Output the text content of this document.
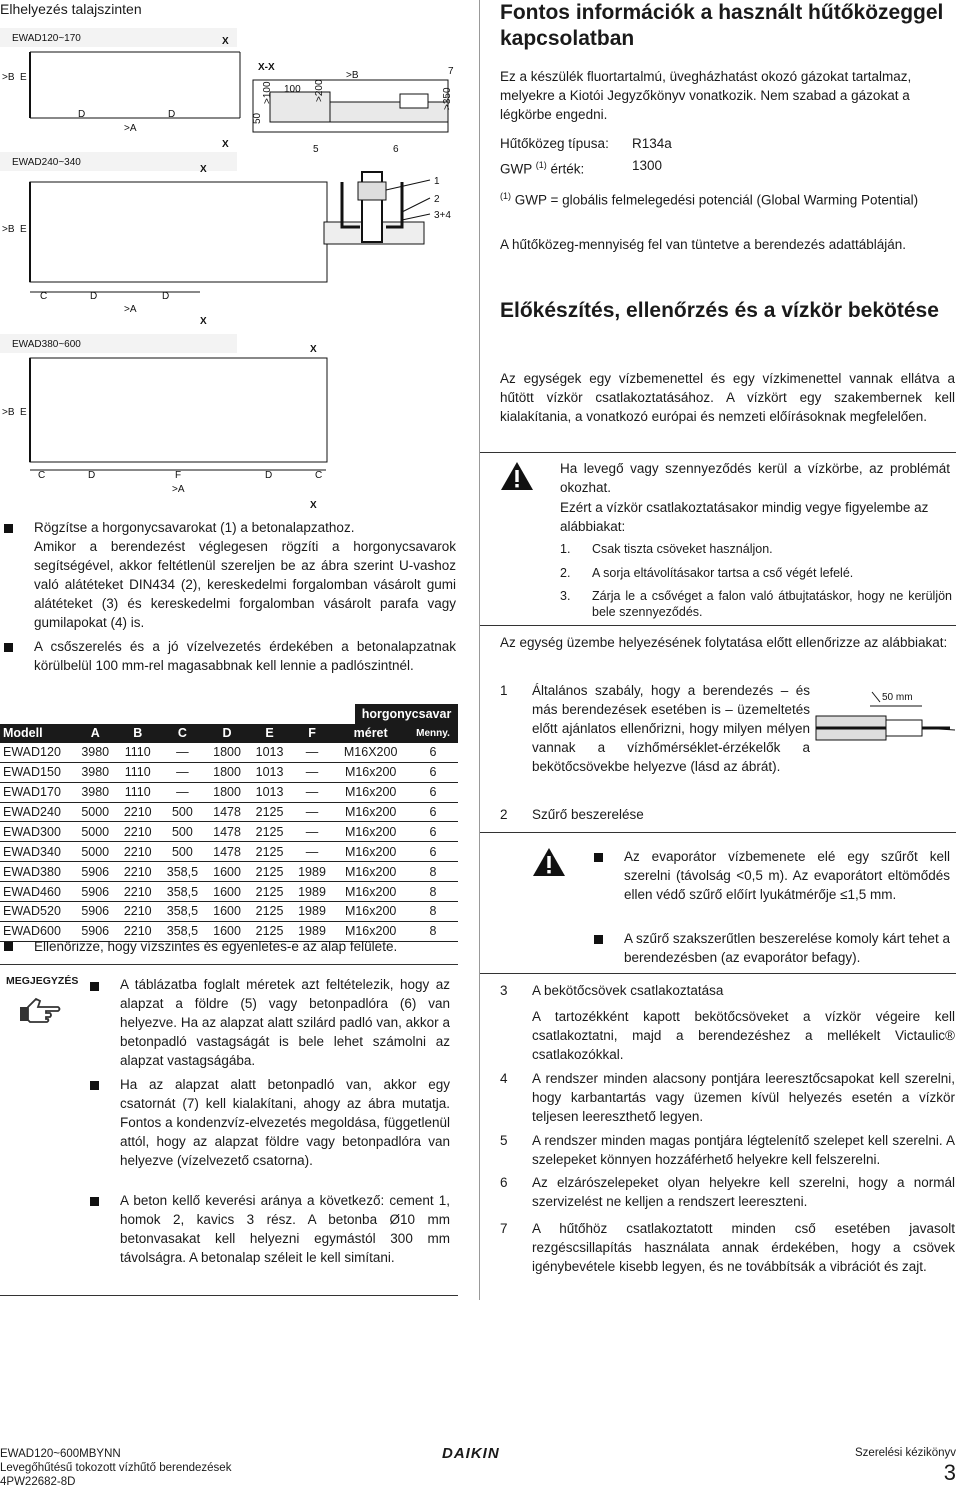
Elhelyezés talajszinten
EWAD120~170
>B E
D
>A
D
X
X
EWAD240~340
X
>B E
C	D
>A
D
X
EWAD380~600	X
>B E
C	D	F
>A
D	C
X
X-X
50
>100 100 >200
>B	7
>350
5	6
1
2
3+4
Rögzítse a horgonycsavarokat (1) a betonalapzathoz.
Amikor a berendezést véglegesen rögzíti a horgonycsavarok segítségével, akkor feltétlenül szereljen be az ábra szerint U-vashoz való alátéteket DIN434 (2), kereskedelmi forgalomban vásárolt gumi alátéteket (3) és kereskedelmi forgalomban vásárolt parafa vagy gumilapokat (4) is.
A csőszerelés és a jó vízelvezetés érdekében a betonalapzatnak körülbelül 100 mm-rel magasabbnak kell lennie a padlószintnél.
horgonycsavar
Modell	A	B	C	D	E	F	méret	Menny.
EWAD120	3980	1110	—	1800	1013	—	M16X200	6
EWAD150	3980	1110	—	1800	1013	—	M16x200	6
EWAD170	3980	1110	—	1800	1013	—	M16x200	6
EWAD240	5000	2210	500	1478	2125	—	M16x200	6
EWAD300	5000	2210	500	1478	2125	—	M16x200	6
EWAD340	5000	2210	500	1478	2125	—	M16x200	6
EWAD380	5906	2210	358,5	1600	2125	1989	M16x200	8
EWAD460	5906	2210	358,5	1600	2125	1989	M16x200	8
EWAD520	5906	2210	358,5	1600	2125	1989	M16x200	8
EWAD600	5906	2210	358,5	1600	2125	1989	M16x200	8
Ellenőrizze, hogy vízszintes és egyenletes-e az alap felülete.
MEGJEGYZÉS	A táblázatba foglalt méretek azt feltételezik, hogy az alapzat a földre (5) vagy betonpadlóra (6) van helyezve. Ha az alapzat alatt szilárd padló van, akkor a betonpadló vastagságát is bele lehet számolni az alapzat vastagságába.
Ha az alapzat alatt betonpadló van, akkor egy csatornát (7) kell kialakítani, ahogy az ábra mutatja. Fontos a kondenzvíz-elvezetés megoldása, függetlenül attól, hogy az alapzat földre vagy betonpadlóra van helyezve (vízelvezető csatorna).
A beton kellő keverési aránya a következő: cement 1, homok 2, kavics 3 rész. A betonba Ø10 mm betonvasakat kell helyezni egymástól 300 mm távolságra. A betonalap széleit le kell simítani.
Fontos információk a használt hűtőközeggel kapcsolatban
Ez a készülék fluortartalmú, üvegházhatást okozó gázokat tartalmaz, melyekre a Kiotói Jegyzőkönyv vonatkozik. Nem szabad a gázokat a légkörbe engedni.
Hűtőközeg típusa: R134a
GWP $^{(1)}$ érték:	1300
$^{(1)}$ GWP = globális felmelegedési potenciál (Global Warming Potential)
A hűtőközeg-mennyiség fel van tüntetve a berendezés adattábláján.
Előkészítés, ellenőrzés és a vízkör bekötése
Az egységek egy vízbemenettel és egy vízkimenettel vannak ellátva a hűtött vízkör csatlakoztatásához. A vízkört egy szakembernek kell kialakítania, a vonatkozó európai és nemzeti előírásoknak megfelelően.
Ha levegő vagy szennyeződés kerül a vízkörbe, az problémát okozhat.
Ezért a vízkör csatlakoztatásakor mindig vegye figyelembe az alábbiakat:
1. Csak tiszta csöveket használjon.
2. A sorja eltávolításakor tartsa a cső végét lefelé.
3. Zárja le a csővéget a falon való átbujtatáskor, hogy ne kerüljön bele szennyeződés.
Az egység üzembe helyezésének folytatása előtt ellenőrizze az alábbiakat:
1 Általános szabály, hogy a berendezés – és más berendezések esetében is – üzemeltetés előtt ajánlatos ellenőrizni, hogy milyen mélyen vannak a vízhőmérséklet-érzékelők a bekötőcsövekbe helyezve (lásd az ábrát).
50 mm
2 Szűrő beszerelése
Az evaporátor vízbemenete elé egy szűrőt kell szerelni (távolság <0,5 m). Az evaporátort eltömődés ellen védő szűrő előírt lyukátmérője ≤1,5 mm.
A szűrő szakszerűtlen beszerelése komoly kárt tehet a berendezésben (az evaporátor befagy).
3 A bekötőcsövek csatlakoztatása
A tartozékként kapott bekötőcsöveket a vízkör végeire kell csatlakoztatni, majd a berendezéshez a mellékelt Victaulic® csatlakozókkal.
4 A rendszer minden alacsony pontjára leeresztőcsapokat kell szerelni, hogy karbantartás vagy üzemen kívül helyezés esetén a vízkör teljesen leereszthető legyen.
5 A rendszer minden magas pontjára légtelenítő szelepet kell szerelni. A szelepeket könnyen hozzáférhető helyekre kell felszerelni.
6 Az elzárószelepeket olyan helyekre kell szerelni, hogy a normál szervizelést ne kelljen a rendszert leereszteni.
7 A hűtőhöz csatlakoztatott minden cső esetében javasolt rezgéscsillapítás használata annak érdekében, hogy a csövek igénybevétele kisebb legyen, és ne továbbítsák a vibrációt és zajt.
EWAD120~600MBYNN
Levegőhűtésű tokozott vízhűtő berendezések
4PW22682-8D
DAIKIN	Szerelési kézikönyv
3
